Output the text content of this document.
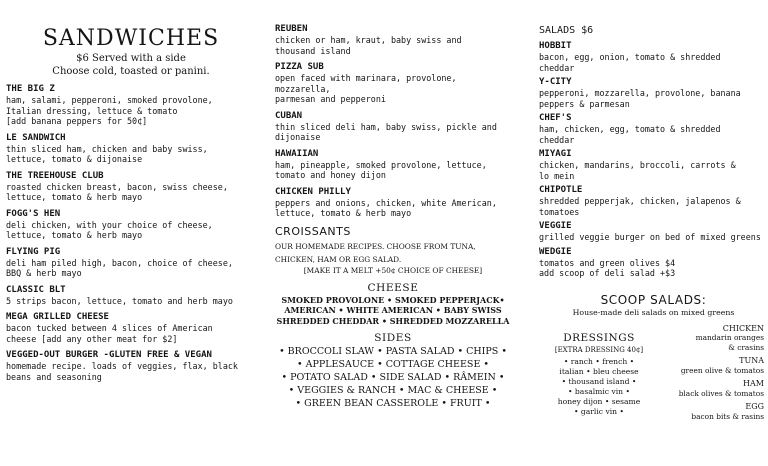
SANDWICHES
$6 Served with a side
Choose cold, toasted or panini.
THE BIG Z
ham, salami, pepperoni, smoked provolone,
Italian dressing, lettuce & tomato
[add banana peppers for 50¢]
LE SANDWICH
thin sliced ham, chicken and baby swiss,
lettuce, tomato & dijonaise
THE TREEHOUSE CLUB
roasted chicken breast, bacon, swiss cheese,
lettuce, tomato & herb mayo
FOGG'S HEN
deli chicken, with your choice of cheese,
lettuce, tomato & herb mayo
FLYING PIG
deli ham piled high, bacon, choice of cheese,
BBQ & herb mayo
CLASSIC BLT
5 strips bacon, lettuce, tomato and herb mayo
MEGA GRILLED CHEESE
bacon tucked between 4 slices of American
cheese [add any other meat for $2]
VEGGED-OUT BURGER -GLUTEN FREE & VEGAN
homemade recipe. loads of veggies, flax, black
beans and seasoning
REUBEN
chicken or ham, kraut, baby swiss and
thousand island
PIZZA SUB
open faced with marinara, provolone, mozzarella,
parmesan and pepperoni
CUBAN
thin sliced deli ham, baby swiss, pickle and
dijonaise
HAWAIIAN
ham, pineapple, smoked provolone, lettuce,
tomato and honey dijon
CHICKEN PHILLY
peppers and onions, chicken, white American,
lettuce, tomato & herb mayo
CROISSANTS
OUR HOMEMADE RECIPES. CHOOSE FROM TUNA,
CHICKEN, HAM OR EGG SALAD.
[MAKE IT A MELT +50¢ CHOICE OF CHEESE]
CHEESE
SMOKED PROVOLONE • SMOKED PEPPERJACK•
AMERICAN • WHITE AMERICAN • BABY SWISS
SHREDDED CHEDDAR • SHREDDED MOZZARELLA
SIDES
• BROCCOLI SLAW • PASTA SALAD • CHIPS •
• APPLESAUCE • COTTAGE CHEESE •
• POTATO SALAD • SIDE SALAD • RÂMEIN •
• VEGGIES & RANCH • MAC & CHEESE •
• GREEN BEAN CASSEROLE • FRUIT •
SALADS $6
HOBBIT
bacon, egg, onion, tomato & shredded
cheddar
Y-CITY
pepperoni, mozzarella, provolone, banana
peppers & parmesan
CHEF'S
ham, chicken, egg, tomato & shredded
cheddar
MIYAGI
chicken, mandarins, broccoli, carrots &
lo mein
CHIPOTLE
shredded pepperjak, chicken, jalapenos &
tomatoes
VEGGIE
grilled veggie burger on bed of mixed greens
WEDGIE
tomatos and green olives $4
add scoop of deli salad +$3
SCOOP SALADS:
House-made deli salads on mixed greens
DRESSINGS
[EXTRA DRESSING 40¢]
• ranch • french •
italian • bleu cheese
• thousand island •
• basalmic vin •
honey dijon • sesame
• garlic vin •
CHICKEN
mandarin oranges
& crasins
TUNA
green olive & tomatos
HAM
black olives & tomatos
EGG
bacon bits & rasins
